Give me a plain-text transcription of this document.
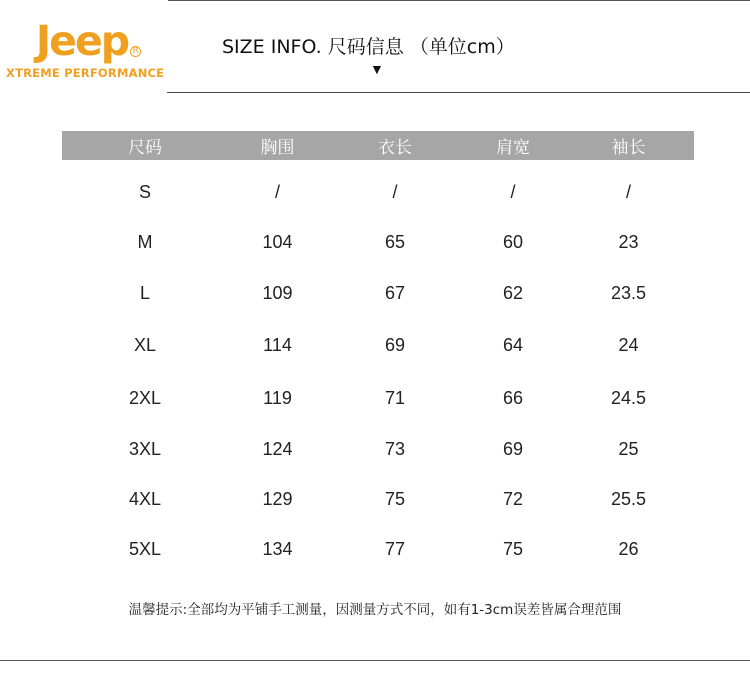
Jeep R
XTREME PERFORMANCE
SIZE INFO. 尺码信息 （单位cm）
▼
尺码	胸围	衣长	肩宽	袖长
S	/	/	/	/
M	104	65	60	23
L	109	67	62	23.5
XL	114	69	64	24
2XL	119	71	66	24.5
3XL	124	73	69	25
4XL	129	75	72	25.5
5XL	134	77	75	26
温馨提示:全部均为平铺手工测量，因测量方式不同，如有1-3cm误差皆属合理范围
